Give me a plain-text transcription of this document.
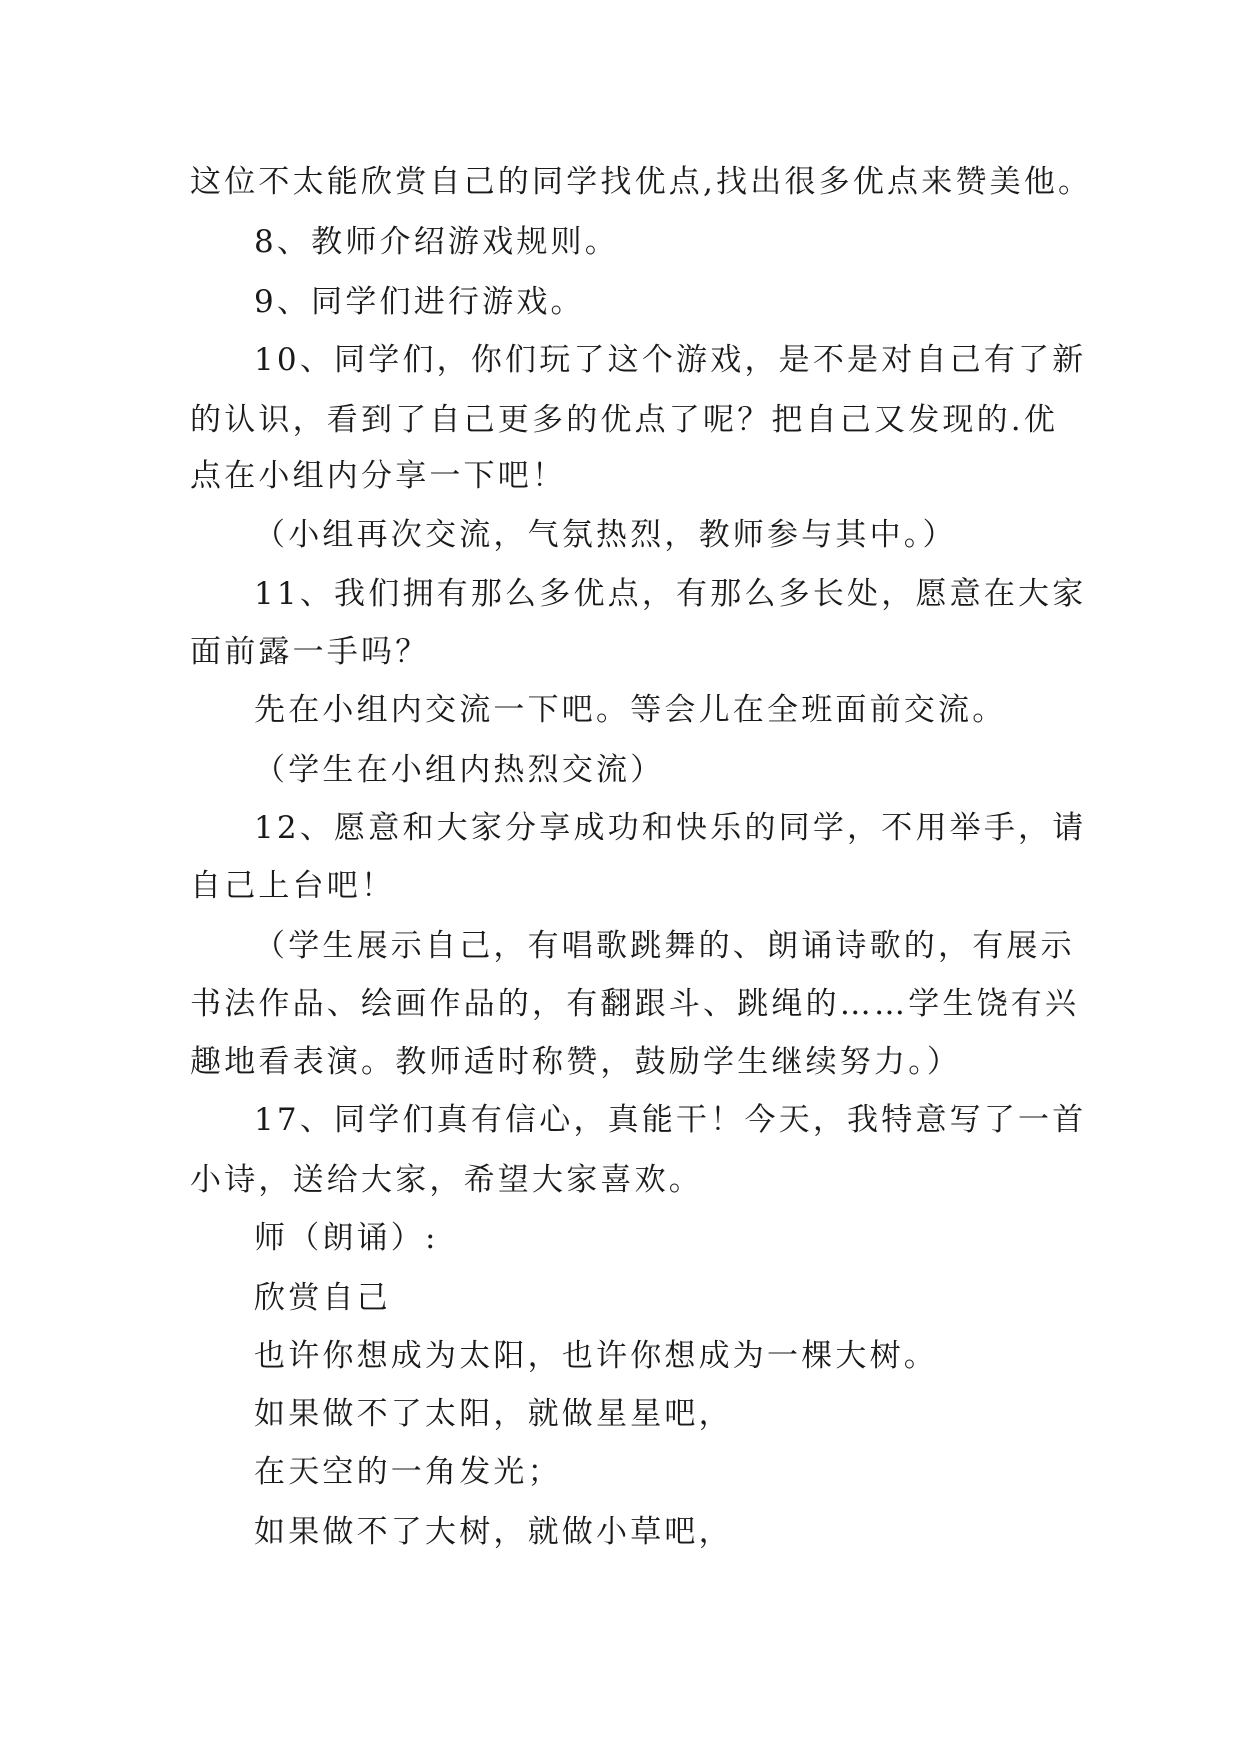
这位不太能欣赏自己的同学找优点,找出很多优点来赞美他。
8、教师介绍游戏规则。
9、同学们进行游戏。
10、同学们，你们玩了这个游戏，是不是对自己有了新
的认识，看到了自己更多的优点了呢？把自己又发现的.优
点在小组内分享一下吧！
（小组再次交流，气氛热烈，教师参与其中。）
11、我们拥有那么多优点，有那么多长处，愿意在大家
面前露一手吗？
先在小组内交流一下吧。等会儿在全班面前交流。
（学生在小组内热烈交流）
12、愿意和大家分享成功和快乐的同学，不用举手，请
自己上台吧！
（学生展示自己，有唱歌跳舞的、朗诵诗歌的，有展示
书法作品、绘画作品的，有翻跟斗、跳绳的……学生饶有兴
趣地看表演。教师适时称赞，鼓励学生继续努力。）
17、同学们真有信心，真能干！今天，我特意写了一首
小诗，送给大家，希望大家喜欢。
师（朗诵）:
欣赏自己
也许你想成为太阳，也许你想成为一棵大树。
如果做不了太阳，就做星星吧，
在天空的一角发光；
如果做不了大树，就做小草吧，
